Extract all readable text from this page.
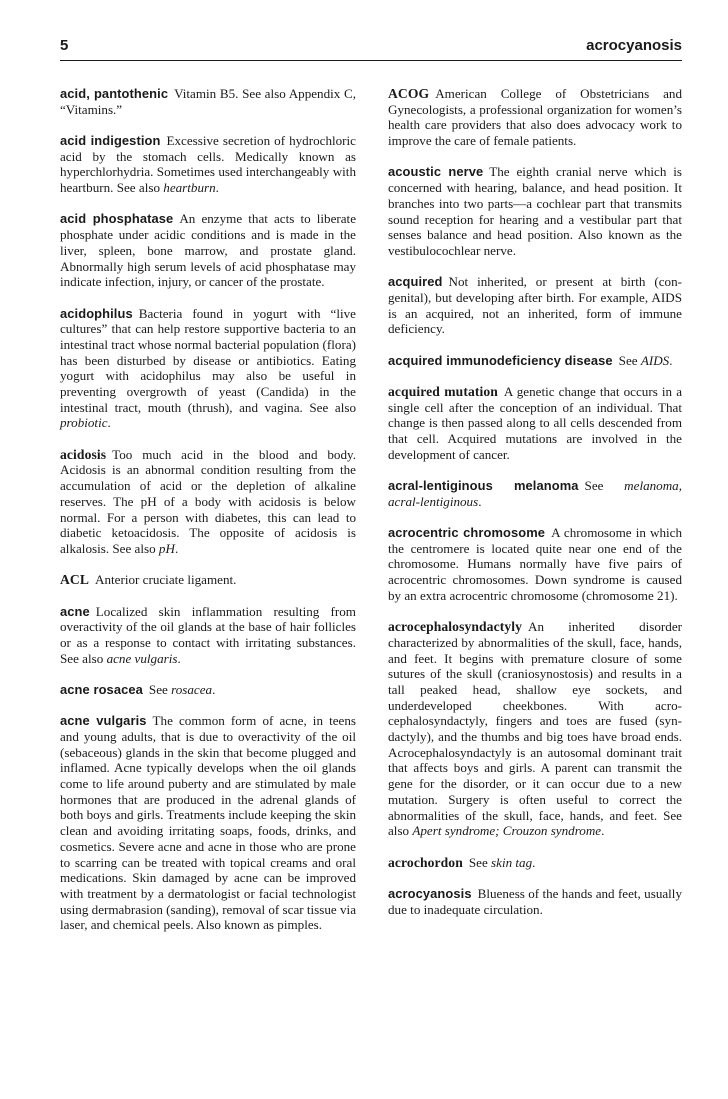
5	acrocyanosis

acid, pantothenic Vitamin B5. See also Appendix C, “Vitamins.”

acid indigestion Excessive secretion of hydrochloric acid by the stomach cells. Medically known as hyperchlorhydria. Sometimes used interchangeably with heartburn. See also heartburn.

acid phosphatase An enzyme that acts to liberate phosphate under acidic conditions and is made in the liver, spleen, bone marrow, and prostate gland. Abnormally high serum levels of acid phosphatase may indicate infection, injury, or cancer of the prostate.

acidophilus Bacteria found in yogurt with “live cultures” that can help restore supportive bacteria to an intestinal tract whose normal bacterial population (flora) has been disturbed by disease or antibiotics. Eating yogurt with acidophilus may also be useful in preventing overgrowth of yeast (Candida) in the intestinal tract, mouth (thrush), and vagina. See also probiotic.

acidosis Too much acid in the blood and body. Acidosis is an abnormal condition resulting from the accumulation of acid or the depletion of alkaline reserves. The pH of a body with acidosis is below normal. For a person with diabetes, this can lead to diabetic ketoacidosis. The opposite of acidosis is alkalosis. See also pH.

ACL Anterior cruciate ligament.

acne Localized skin inflammation resulting from overactivity of the oil glands at the base of hair follicles or as a response to contact with irritating substances. See also acne vulgaris.

acne rosacea See rosacea.

acne vulgaris The common form of acne, in teens and young adults, that is due to overactivity of the oil (sebaceous) glands in the skin that become plugged and inflamed. Acne typically develops when the oil glands come to life around puberty and are stimulated by male hormones that are produced in the adrenal glands of both boys and girls. Treatments include keeping the skin clean and avoiding irritating soaps, foods, drinks, and cosmetics. Severe acne and acne in those who are prone to scarring can be treated with topical creams and oral medications. Skin damaged by acne can be improved with treatment by a dermatologist or facial technologist using dermabrasion (sanding), removal of scar tissue via laser, and chemical peels. Also known as pimples.

ACOG American College of Obstetricians and Gynecologists, a professional organization for women’s health care providers that also does advocacy work to improve the care of female patients.

acoustic nerve The eighth cranial nerve which is concerned with hearing, balance, and head position. It branches into two parts—a cochlear part that transmits sound reception for hearing and a vestibular part that senses balance and head position. Also known as the vestibulocochlear nerve.

acquired Not inherited, or present at birth (congenital), but developing after birth. For example, AIDS is an acquired, not an inherited, form of immune deficiency.

acquired immunodeficiency disease See AIDS.

acquired mutation A genetic change that occurs in a single cell after the conception of an individual. That change is then passed along to all cells descended from that cell. Acquired mutations are involved in the development of cancer.

acral-lentiginous melanoma See melanoma, acral-lentiginous.

acrocentric chromosome A chromosome in which the centromere is located quite near one end of the chromosome. Humans normally have five pairs of acrocentric chromosomes. Down syndrome is caused by an extra acrocentric chromosome (chromosome 21).

acrocephalosyndactyly An inherited disorder characterized by abnormalities of the skull, face, hands, and feet. It begins with premature closure of some sutures of the skull (craniosynostosis) and results in a tall peaked head, shallow eye sockets, and underdeveloped cheekbones. With acrocephalosyndactyly, fingers and toes are fused (syndactyly), and the thumbs and big toes have broad ends. Acrocephalosyndactyly is an autosomal dominant trait that affects boys and girls. A parent can transmit the gene for the disorder, or it can occur due to a new mutation. Surgery is often useful to correct the abnormalities of the skull, face, hands, and feet. See also Apert syndrome; Crouzon syndrome.

acrochordon See skin tag.

acrocyanosis Blueness of the hands and feet, usually due to inadequate circulation.
